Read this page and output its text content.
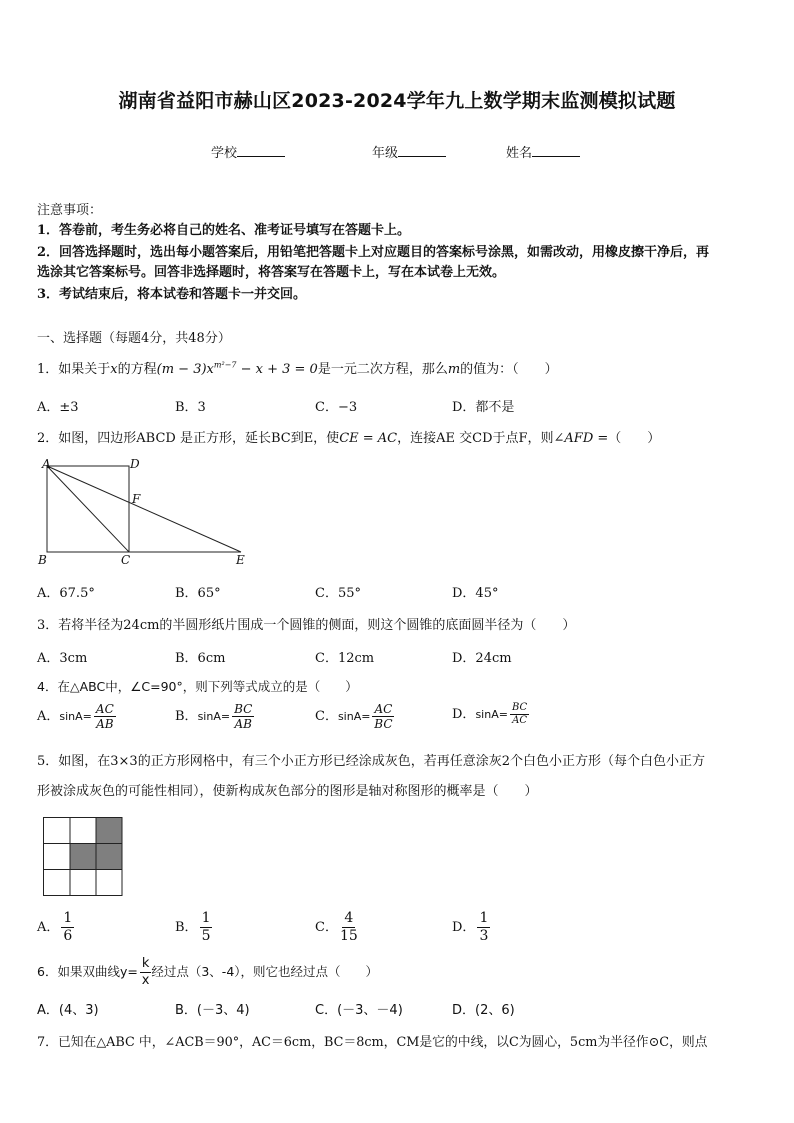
湖南省益阳市赫山区2023-2024学年九上数学期末监测模拟试题
学校	年级	姓名
注意事项：
1．答卷前，考生务必将自己的姓名、准考证号填写在答题卡上。
2．回答选择题时，选出每小题答案后，用铅笔把答题卡上对应题目的答案标号涂黑，如需改动，用橡皮擦干净后，再
选涂其它答案标号。回答非选择题时，将答案写在答题卡上，写在本试卷上无效。
3．考试结束后，将本试卷和答题卡一并交回。
一、选择题（每题4分，共48分）
1．如果关于x的方程$(m - 3)x^{m^2-7} - x + 3 = 0$是一元二次方程，那么m的值为：（　　）
A．±3	B．3	C．−3	D．都不是
2．如图，四边形ABCD 是正方形，延长BC到E，使CE = AC，连接AE 交CD于点F，则∠AFD =（　　）
A	D
F
B	C	E
A．67.5°	B．65°	C．55°	D．45°
3．若将半径为24cm的半圆形纸片围成一个圆锥的侧面，则这个圆锥的底面圆半径为（　　）
A．3cm	B．6cm	C．12cm	D．24cm
4．在△ABC中，∠C=90°，则下列等式成立的是（　　）
A．$\sin A= \frac{AC}{AB}$	B．$\sin A= \frac{BC}{AB}$	C．$\sin A= \frac{AC}{BC}$	D．$\sin A= \frac{BC}{AC}$
5．如图，在3×3的正方形网格中，有三个小正方形已经涂成灰色，若再任意涂灰2个白色小正方形（每个白色小正方
形被涂成灰色的可能性相同），使新构成灰色部分的图形是轴对称图形的概率是（　　）
A． $\frac{1}{6}$	B． $\frac{1}{5}$	C． $\frac{4}{15}$	D． $\frac{1}{3}$
6．如果双曲线$y= \frac{k}{x}$ 经过点（3、-4），则它也经过点（　　）
A．(4、3)	B．(－3、4)	C．(－3、－4)	D．(2、6)
7．已知在△ABC 中，∠ACB＝90°，AC＝6cm，BC＝8cm，CM是它的中线，以C为圆心，5cm为半径作⊙C，则点
